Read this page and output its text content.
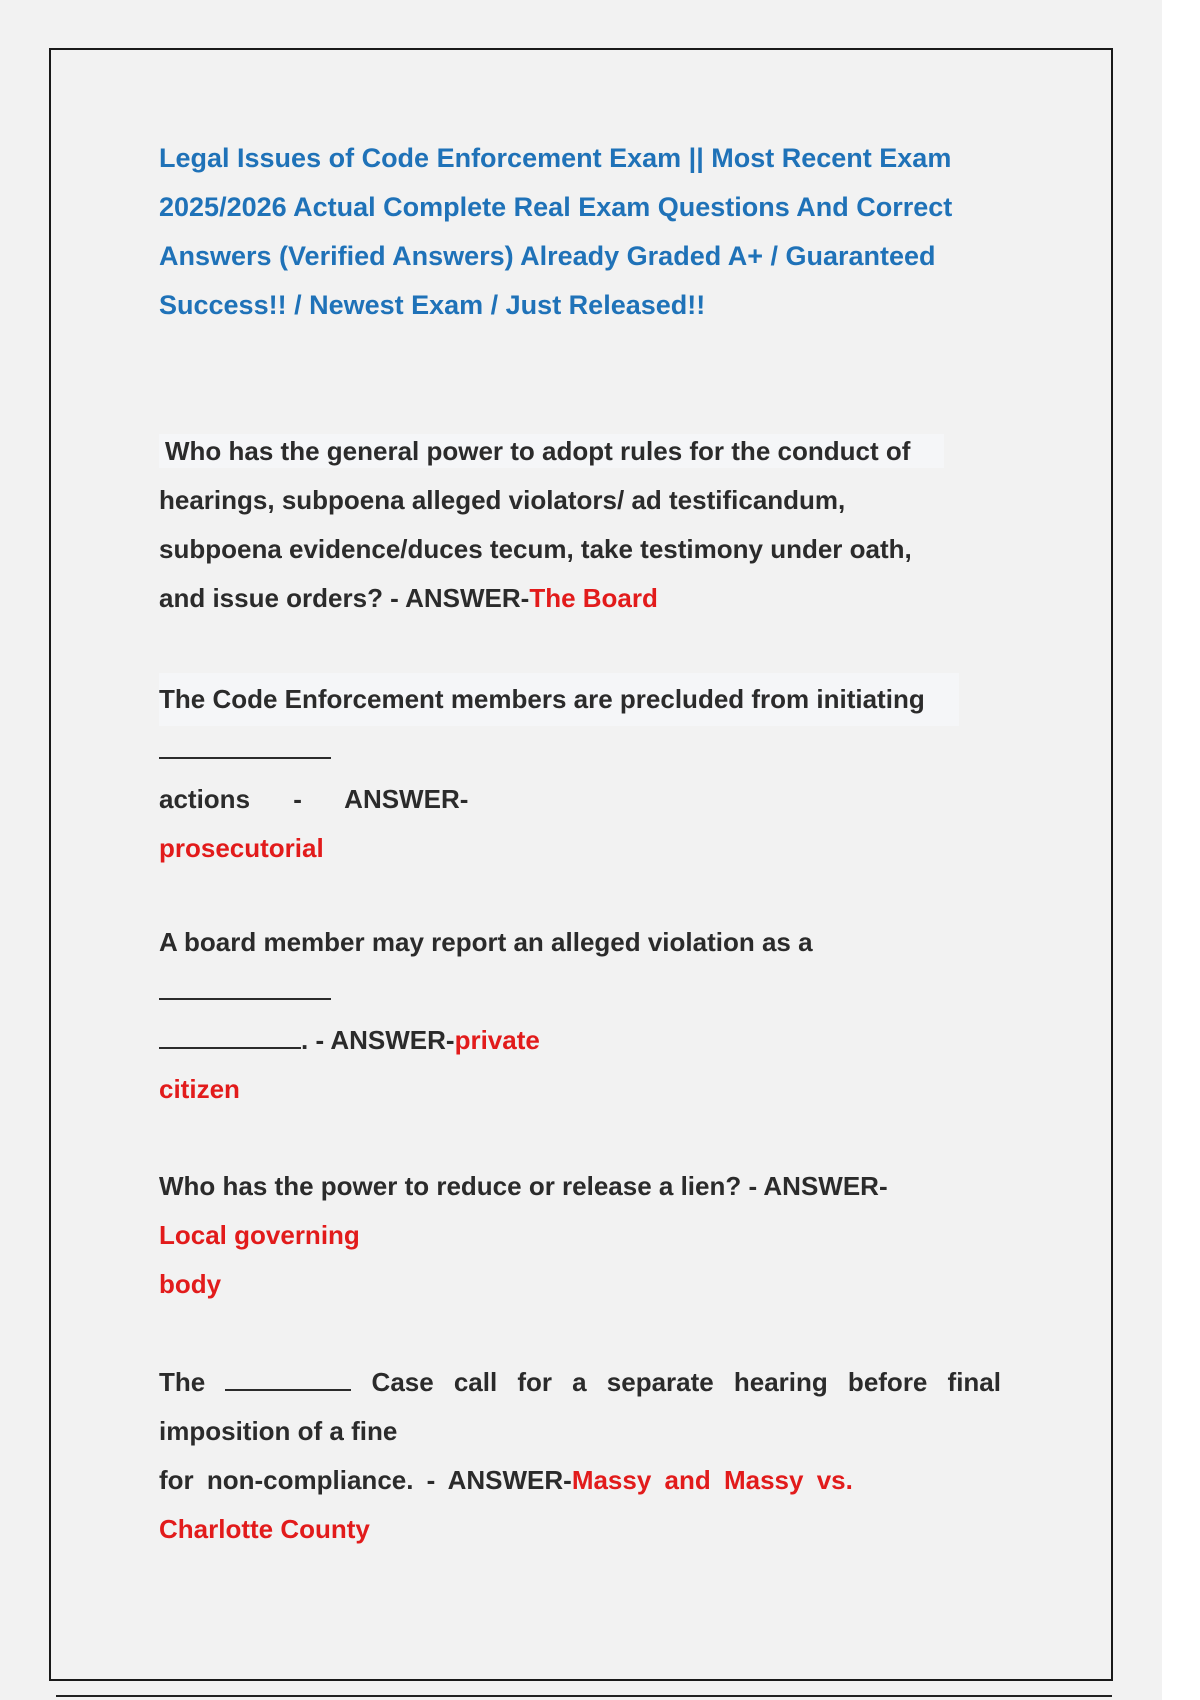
Legal Issues of Code Enforcement Exam || Most Recent Exam 2025/2026 Actual Complete Real Exam Questions And Correct Answers (Verified Answers) Already Graded A+ / Guaranteed Success!! / Newest Exam / Just Released!!

Who has the general power to adopt rules for the conduct of
hearings, subpoena alleged violators/ ad testificandum,
subpoena evidence/duces tecum, take testimony under oath,
and issue orders? - ANSWER-The Board
The Code Enforcement members are precluded from initiating
actions - ANSWER-
prosecutorial
A board member may report an alleged violation as a
. - ANSWER-private
citizen
Who has the power to reduce or release a lien? - ANSWER-
Local governing
body
The	Case call for a separate hearing before final
imposition of a fine
for non-compliance. - ANSWER-Massy and Massy vs.
Charlotte County
